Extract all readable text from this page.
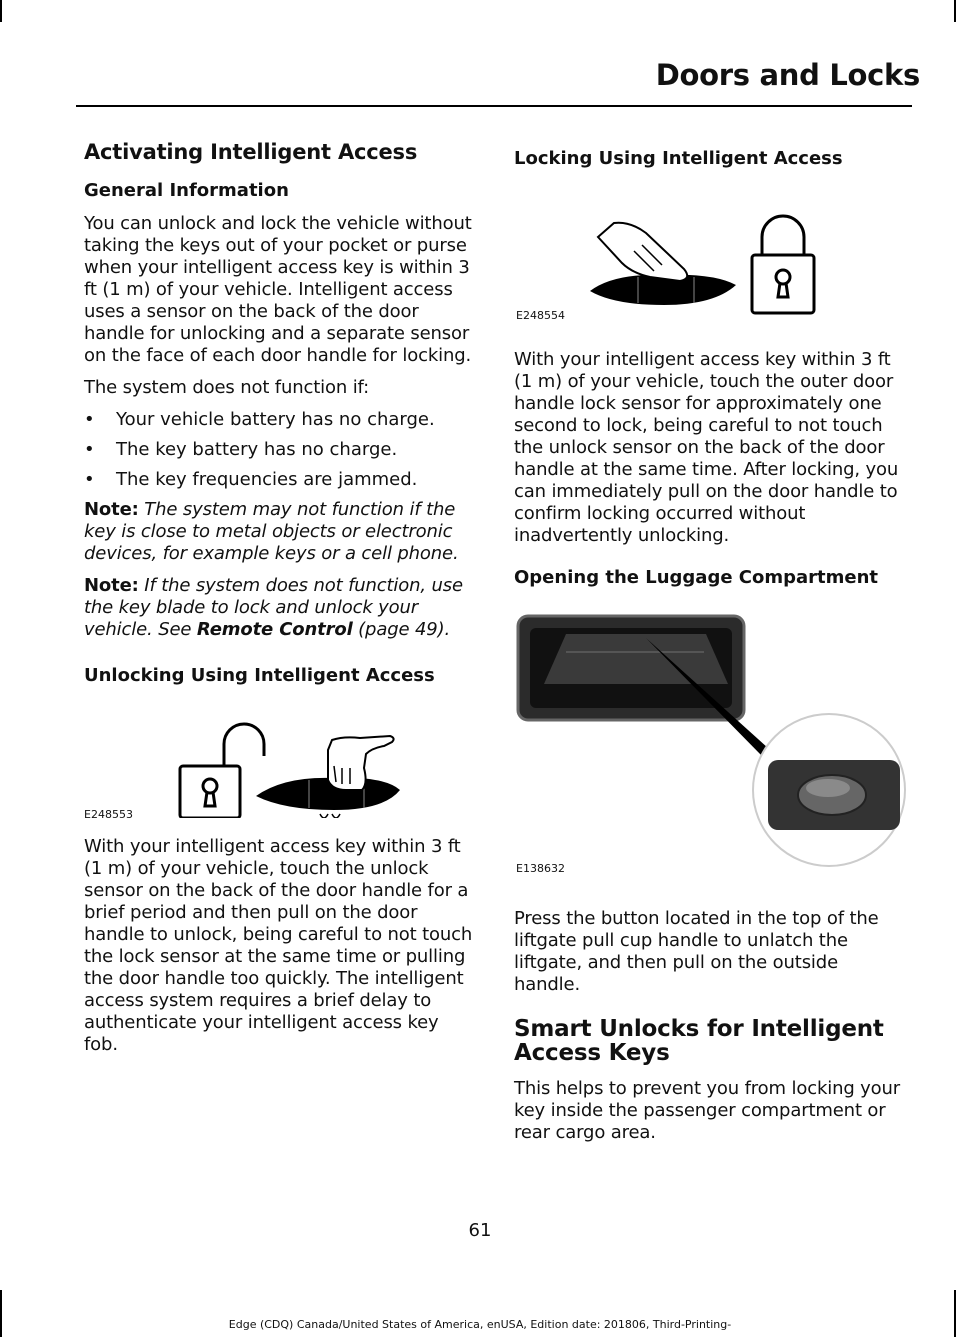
Doors and Locks
Activating Intelligent Access
General Information

You can unlock and lock the vehicle without taking the keys out of your pocket or purse when your intelligent access key is within 3 ft (1 m) of your vehicle. Intelligent access uses a sensor on the back of the door handle for unlocking and a separate sensor on the face of each door handle for locking.

The system does not function if:

• Your vehicle battery has no charge.
• The key battery has no charge.
• The key frequencies are jammed.

Note: The system may not function if the key is close to metal objects or electronic devices, for example keys or a cell phone.

Note: If the system does not function, use the key blade to lock and unlock your vehicle. See Remote Control (page 49).

Unlocking Using Intelligent Access
E248553

With your intelligent access key within 3 ft (1 m) of your vehicle, touch the unlock sensor on the back of the door handle for a brief period and then pull on the door handle to unlock, being careful to not touch the lock sensor at the same time or pulling the door handle too quickly. The intelligent access system requires a brief delay to authenticate your intelligent access key fob.

Locking Using Intelligent Access
E248554

With your intelligent access key within 3 ft (1 m) of your vehicle, touch the outer door handle lock sensor for approximately one second to lock, being careful to not touch the unlock sensor on the back of the door handle at the same time. After locking, you can immediately pull on the door handle to confirm locking occurred without inadvertently unlocking.

Opening the Luggage Compartment
E138632

Press the button located in the top of the liftgate pull cup handle to unlatch the liftgate, and then pull on the outside handle.

Smart Unlocks for Intelligent Access Keys

This helps to prevent you from locking your key inside the passenger compartment or rear cargo area.

61
Edge (CDQ) Canada/United States of America, enUSA, Edition date: 201806, Third-Printing-
